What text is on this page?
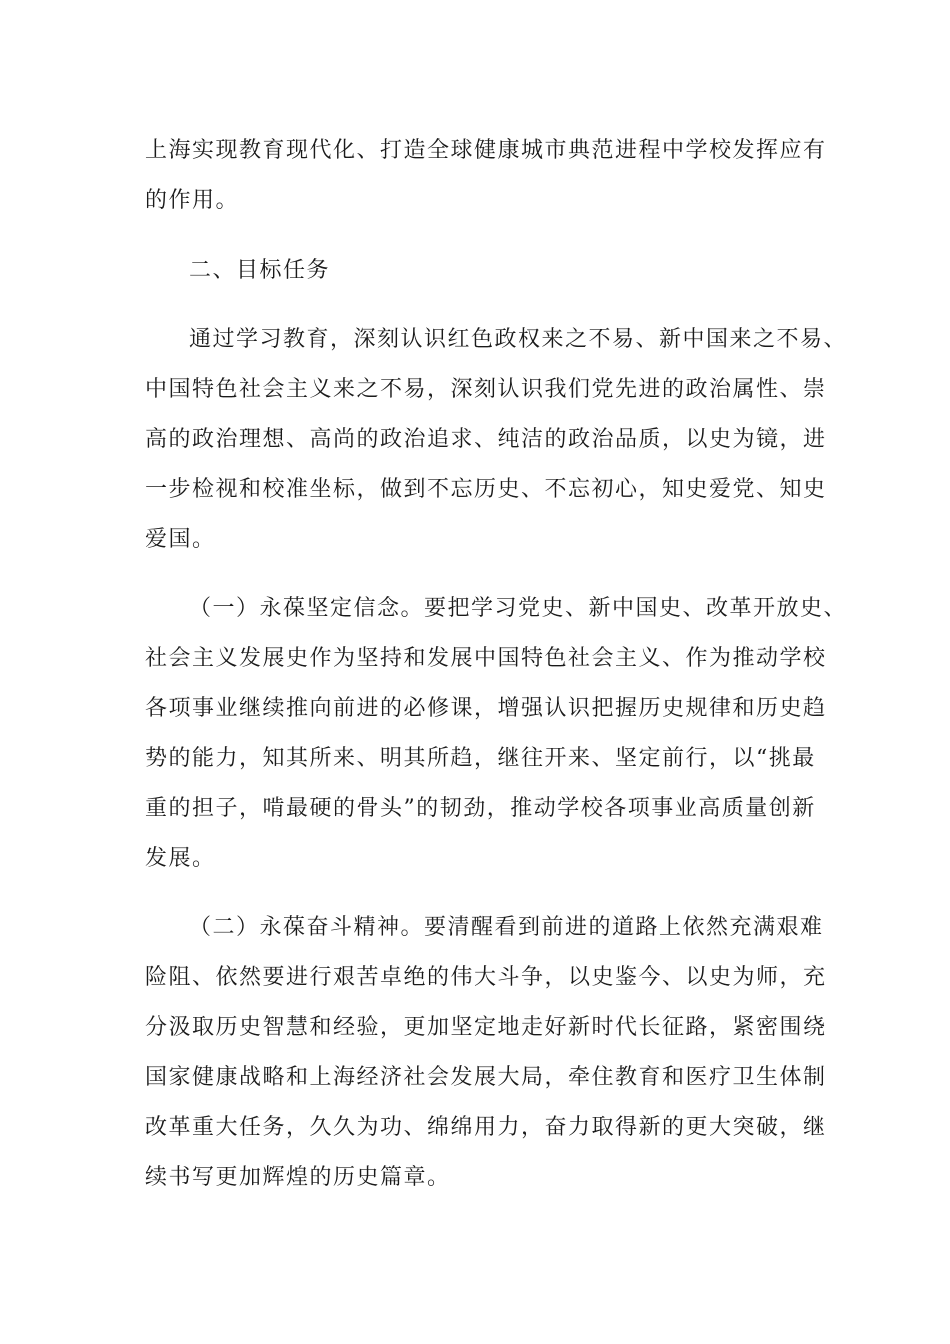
上海实现教育现代化、打造全球健康城市典范进程中学校发挥应有
的作用。
二、目标任务
通过学习教育，深刻认识红色政权来之不易、新中国来之不易、
中国特色社会主义来之不易，深刻认识我们党先进的政治属性、崇
高的政治理想、高尚的政治追求、纯洁的政治品质，以史为镜，进
一步检视和校准坐标，做到不忘历史、不忘初心，知史爱党、知史
爱国。
（一）永葆坚定信念。要把学习党史、新中国史、改革开放史、
社会主义发展史作为坚持和发展中国特色社会主义、作为推动学校
各项事业继续推向前进的必修课，增强认识把握历史规律和历史趋
势的能力，知其所来、明其所趋，继往开来、坚定前行，以“挑最
重的担子，啃最硬的骨头”的韧劲，推动学校各项事业高质量创新
发展。
（二）永葆奋斗精神。要清醒看到前进的道路上依然充满艰难
险阻、依然要进行艰苦卓绝的伟大斗争，以史鉴今、以史为师，充
分汲取历史智慧和经验，更加坚定地走好新时代长征路，紧密围绕
国家健康战略和上海经济社会发展大局，牵住教育和医疗卫生体制
改革重大任务，久久为功、绵绵用力，奋力取得新的更大突破，继
续书写更加辉煌的历史篇章。
